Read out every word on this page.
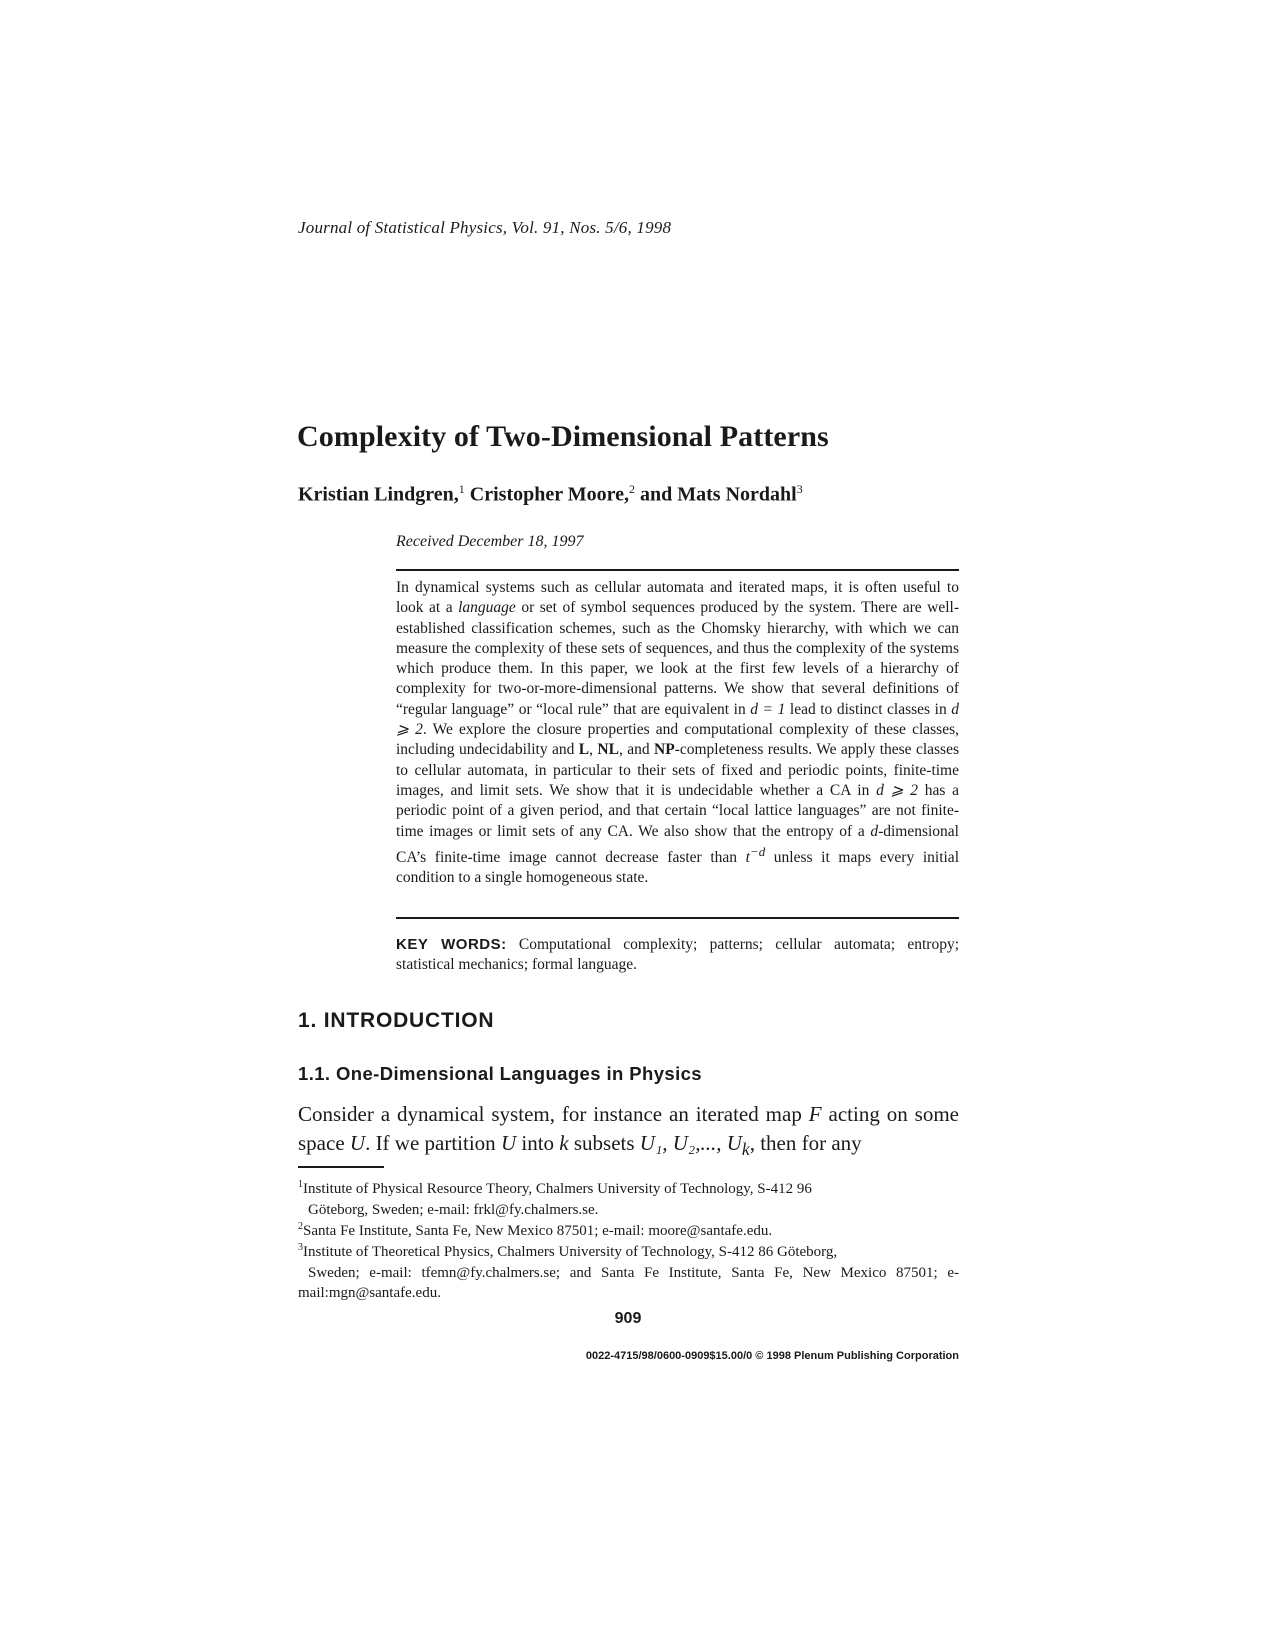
Journal of Statistical Physics, Vol. 91, Nos. 5/6, 1998
Complexity of Two-Dimensional Patterns
Kristian Lindgren,$^1$ Cristopher Moore,$^2$ and Mats Nordahl$^3$
Received December 18, 1997

In dynamical systems such as cellular automata and iterated maps, it is often useful to look at a language or set of symbol sequences produced by the system. There are well-established classification schemes, such as the Chomsky hierarchy, with which we can measure the complexity of these sets of sequences, and thus the complexity of the systems which produce them. In this paper, we look at the first few levels of a hierarchy of complexity for two-or-more-dimensional patterns. We show that several definitions of “regular language” or “local rule” that are equivalent in d = 1 lead to distinct classes in d ⩾ 2. We explore the closure properties and computational complexity of these classes, including undecidability and L, NL, and NP-completeness results. We apply these classes to cellular automata, in particular to their sets of fixed and periodic points, finite-time images, and limit sets. We show that it is undecidable whether a CA in d ⩾ 2 has a periodic point of a given period, and that certain “local lattice languages” are not finite-time images or limit sets of any CA. We also show that the entropy of a d-dimensional CA’s finite-time image cannot decrease faster than $t^{-d}$ unless it maps every initial condition to a single homogeneous state.

KEY WORDS: Computational complexity; patterns; cellular automata; entropy; statistical mechanics; formal language.
1. INTRODUCTION
1.1. One-Dimensional Languages in Physics
Consider a dynamical system, for instance an iterated map F acting on some space U. If we partition U into k subsets U₁, U₂,..., $U_k$, then for any
$^1$Institute of Physical Resource Theory, Chalmers University of Technology, S-412 96
Göteborg, Sweden; e-mail: frkl@fy.chalmers.se.
$^2$Santa Fe Institute, Santa Fe, New Mexico 87501; e-mail: moore@santafe.edu.
$^3$Institute of Theoretical Physics, Chalmers University of Technology, S-412 86 Göteborg,
Sweden; e-mail: tfemn@fy.chalmers.se; and Santa Fe Institute, Santa Fe, New Mexico 87501; e-mail:mgn@santafe.edu.
909
0022-4715/98/0600-0909$15.00/0 © 1998 Plenum Publishing Corporation
